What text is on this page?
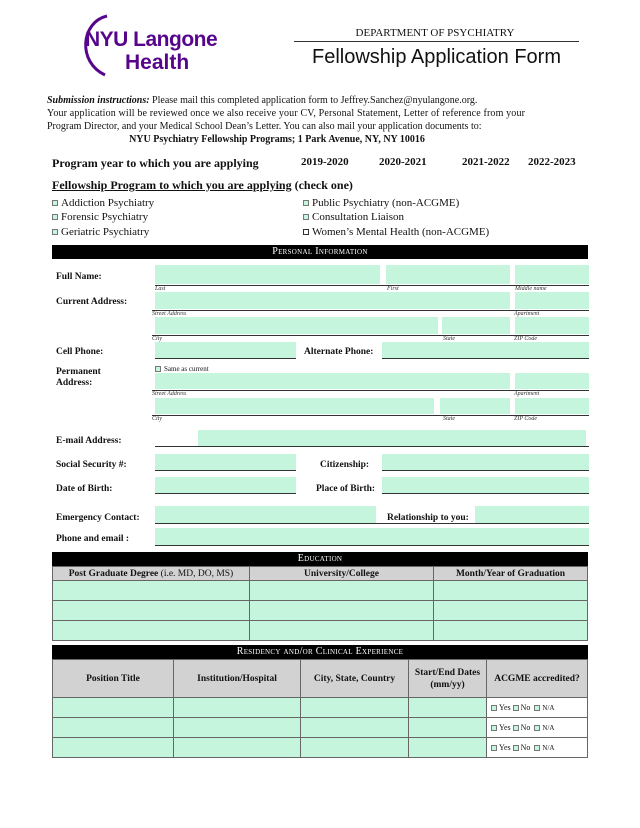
NYU Langone
Health
DEPARTMENT OF PSYCHIATRY
Fellowship Application Form
Submission instructions: Please mail this completed application form to Jeffrey.Sanchez@nyulangone.org.
Your application will be reviewed once we also receive your CV, Personal Statement, Letter of reference from your
Program Director, and your Medical School Dean’s Letter. You can also mail your application documents to:
NYU Psychiatry Fellowship Programs; 1 Park Avenue, NY, NY 10016
Program year to which you are applying	2019-2020	2020-2021	2021-2022 2022-2023
Fellowship Program to which you are applying (check one)
Addiction Psychiatry
Forensic Psychiatry
Geriatric Psychiatry
Public Psychiatry (non-ACGME)
Consultation Liaison
Women’s Mental Health (non-ACGME)
Personal Information
Full Name:
Last	First	Middle name
Current Address:
Street Address	Apartment
City	State	ZIP Code
Cell Phone:	Alternate Phone:
Permanent
Address:
Same as current
Street Address	Apartment
City	State	ZIP Code
E-mail Address:
Social Security #:	Citizenship:
Date of Birth:	Place of Birth:
Emergency Contact:	Relationship to you:
Phone and email :
Education
Post Graduate Degree (i.e. MD, DO, MS)	University/College	Month/Year of Graduation

Residency and/or Clinical Experience
Position Title	Institution/Hospital	City, State, Country	Start/End Dates (mm/yy)	ACGME accredited?
				Yes No N/A
				Yes No N/A
				Yes No N/A
